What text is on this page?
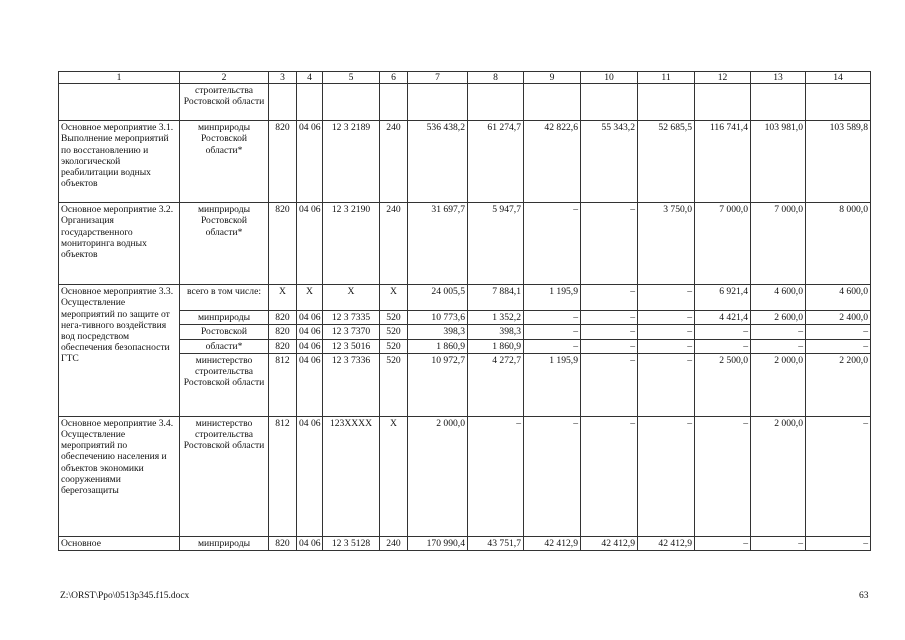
1	2	3	4	5	6	7	8	9	10	11	12	13	14
	строительства Ростовской области												
Основное мероприятие 3.1. Выполнение мероприятий по восстановлению и экологической реабилитации водных объектов	минприроды Ростовской области*	820	04 06	12 3 2189	240	536 438,2	61 274,7	42 822,6	55 343,2	52 685,5	116 741,4	103 981,0	103 589,8
Основное мероприятие 3.2. Организация государственного мониторинга водных объектов	минприроды Ростовской области*	820	04 06	12 3 2190	240	31 697,7	5 947,7	–	–	3 750,0	7 000,0	7 000,0	8 000,0
Основное мероприятие 3.3. Осуществление мероприятий по защите от нега-тивного воздействия вод посредством обеспечения безопасности ГТС	всего в том числе:	X	X	X	X	24 005,5	7 884,1	1 195,9	–	–	6 921,4	4 600,0	4 600,0
	минприроды	820	04 06	12 3 7335	520	10 773,6	1 352,2	–	–	–	4 421,4	2 600,0	2 400,0
	Ростовской	820	04 06	12 3 7370	520	398,3	398,3	–	–	–	–	–	–
	области*	820	04 06	12 3 5016	520	1 860,9	1 860,9	–	–	–	–	–	–
	министерство строительства Ростовской области	812	04 06	12 3 7336	520	10 972,7	4 272,7	1 195,9	–	–	2 500,0	2 000,0	2 200,0
Основное мероприятие 3.4. Осуществление мероприятий по обеспечению населения и объектов экономики сооружениями берегозащиты	министерство строительства Ростовской области	812	04 06	123XXXX	X	2 000,0	–	–	–	–	–	2 000,0	–
Основное	минприроды	820	04 06	12 3 5128	240	170 990,4	43 751,7	42 412,9	42 412,9	42 412,9	–	–	–
Z:\ORST\Ppo\0513p345.f15.docx	63
